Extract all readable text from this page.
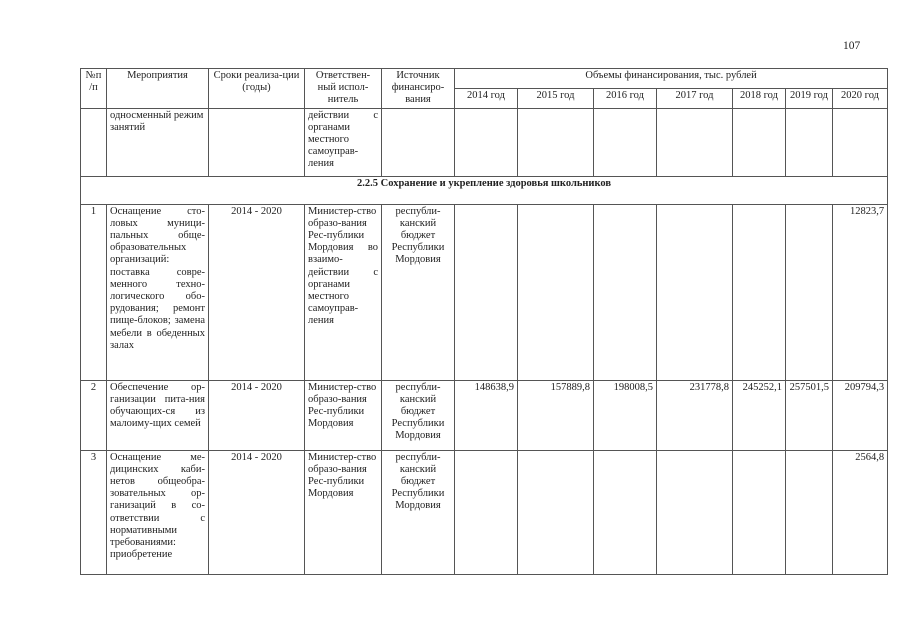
107
№п /п	Мероприятия	Сроки реализа-ции (годы)	Ответствен-ный испол-нитель	Источник финансиро-вания	Объемы финансирования, тыс. рублей						
					2014 год	2015 год	2016 год	2017 год	2018 год	2019 год	2020 год
	односменный режим занятий		действии с органами местного самоуправ-ления								
2.2.5 Сохранение и укрепление здоровья школьников											
1	Оснащение сто-ловых муници-пальных обще-образовательных организаций: поставка совре-менного техно-логического обо-рудования; ремонт пище-блоков; замена мебели в обеденных залах	2014 - 2020	Министер-ство образо-вания Рес-публики Мордовия во взаимо-действии с органами местного самоуправ-ления	республи-канский бюджет Республики Мордовия							12823,7
2	Обеспечение ор-ганизации пита-ния обучающих-ся из малоиму-щих семей	2014 - 2020	Министер-ство образо-вания Рес-публики Мордовия	республи-канский бюджет Республики Мордовия	148638,9	157889,8	198008,5	231778,8	245252,1	257501,5	209794,3
3	Оснащение ме-дицинских каби-нетов общеобра-зовательных ор-ганизаций в со-ответствии с нормативными требованиями: приобретение	2014 - 2020	Министер-ство образо-вания Рес-публики Мордовия	республи-канский бюджет Республики Мордовия							2564,8
